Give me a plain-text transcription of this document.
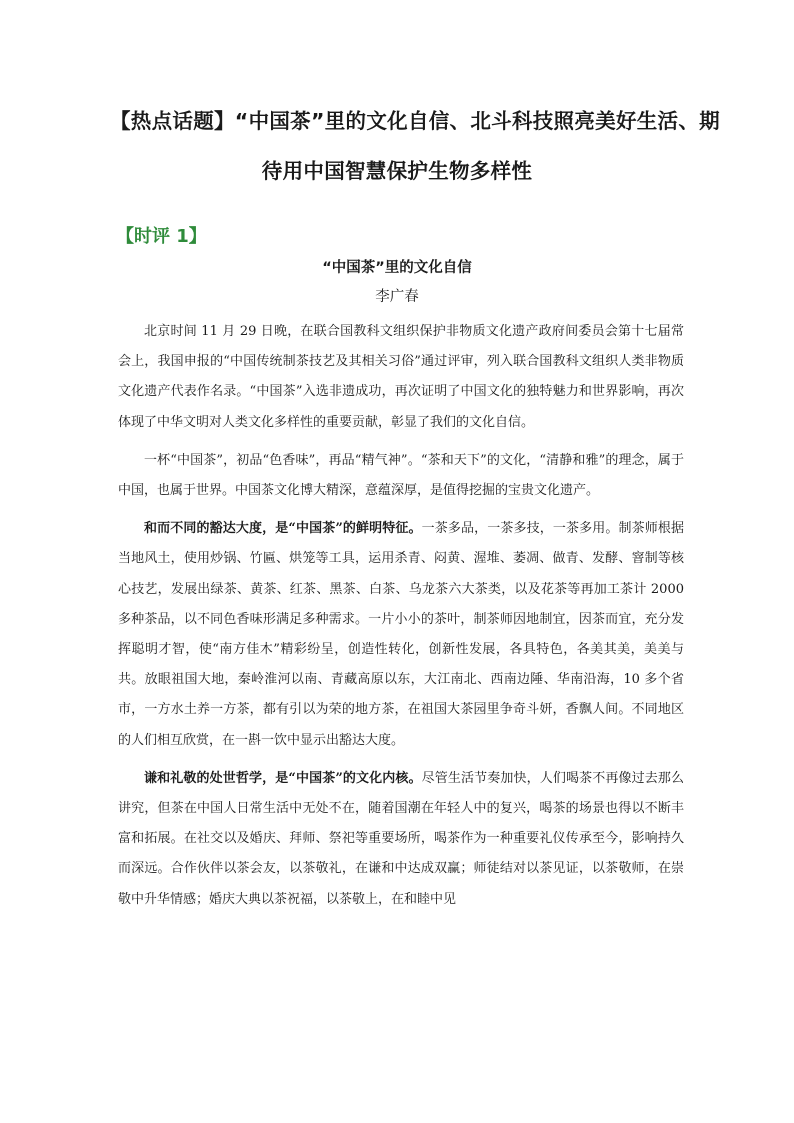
【热点话题】“中国茶”里的文化自信、北斗科技照亮美好生活、期
待用中国智慧保护生物多样性
【时评 1】
“中国茶”里的文化自信
李广春

北京时间 11 月 29 日晚，在联合国教科文组织保护非物质文化遗产政府间委员会第十七届常会上，我国申报的“中国传统制茶技艺及其相关习俗”通过评审，列入联合国教科文组织人类非物质文化遗产代表作名录。“中国茶”入选非遗成功，再次证明了中国文化的独特魅力和世界影响，再次体现了中华文明对人类文化多样性的重要贡献，彰显了我们的文化自信。

一杯“中国茶”，初品“色香味”，再品“精气神”。“茶和天下”的文化，“清静和雅”的理念，属于中国，也属于世界。中国茶文化博大精深，意蕴深厚，是值得挖掘的宝贵文化遗产。

和而不同的豁达大度，是“中国茶”的鲜明特征。一茶多品，一茶多技，一茶多用。制茶师根据当地风土，使用炒锅、竹匾、烘笼等工具，运用杀青、闷黄、渥堆、萎凋、做青、发酵、窨制等核心技艺，发展出绿茶、黄茶、红茶、黑茶、白茶、乌龙茶六大茶类，以及花茶等再加工茶计 2000 多种茶品，以不同色香味形满足多种需求。一片小小的茶叶，制茶师因地制宜，因茶而宜，充分发挥聪明才智，使“南方佳木”精彩纷呈，创造性转化，创新性发展，各具特色，各美其美，美美与共。放眼祖国大地，秦岭淮河以南、青藏高原以东，大江南北、西南边陲、华南沿海，10 多个省市，一方水土养一方茶，都有引以为荣的地方茶，在祖国大茶园里争奇斗妍，香飘人间。不同地区的人们相互欣赏，在一斟一饮中显示出豁达大度。

谦和礼敬的处世哲学，是“中国茶”的文化内核。尽管生活节奏加快，人们喝茶不再像过去那么讲究，但茶在中国人日常生活中无处不在，随着国潮在年轻人中的复兴，喝茶的场景也得以不断丰富和拓展。在社交以及婚庆、拜师、祭祀等重要场所，喝茶作为一种重要礼仪传承至今，影响持久而深远。合作伙伴以茶会友，以茶敬礼，在谦和中达成双赢；师徒结对以茶见证，以茶敬师，在崇敬中升华情感；婚庆大典以茶祝福，以茶敬上，在和睦中见
